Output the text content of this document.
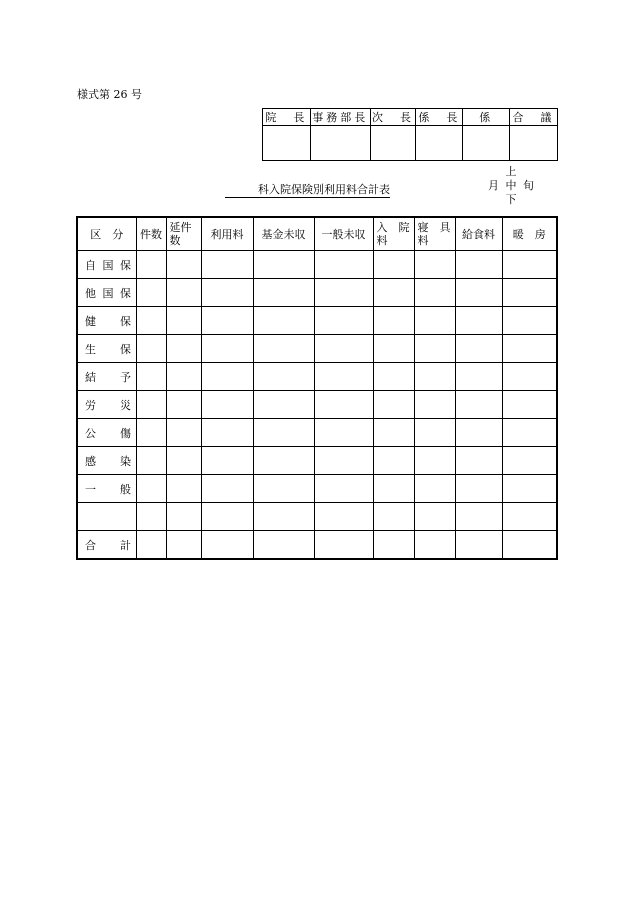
様式第 26 号
院　長	事務部長	次　長	係　長	係	合　議

科入院保険別利用料合計表
上
月 中 旬
下
区　分	件数	延件数	利用料	基金未収	一般未収	入　院料	寝　具料	給食料	暖　房

自国保									

他国保									

健　保									

生　保									

結　予									

労　災									

公　傷									

感　染									

一　般									

合　計									
